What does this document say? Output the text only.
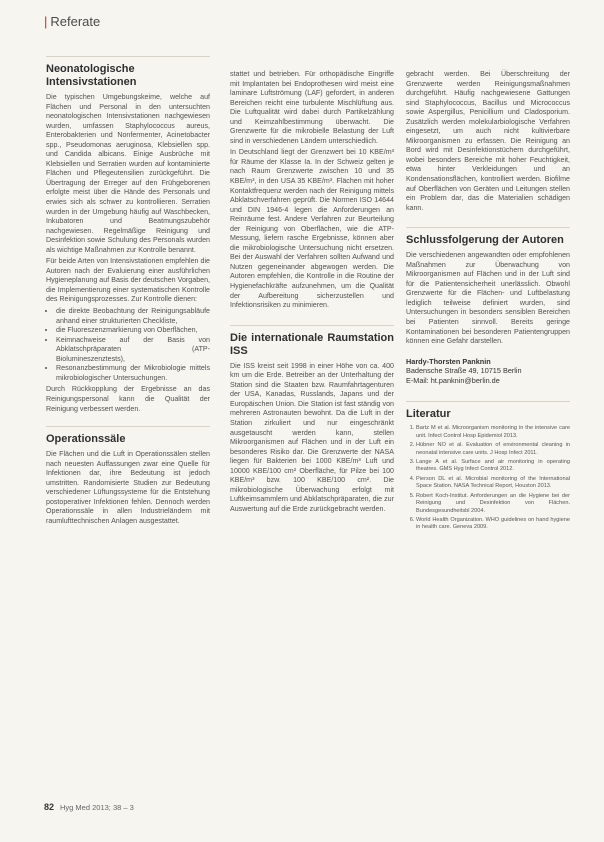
| Referate
Neonatologische Intensivstationen

Die typischen Umgebungskeime, welche auf Flächen und Personal in den untersuchten neonatologischen Intensivstationen nachgewiesen wurden, umfassen Staphylococcus aureus, Enterobakterien und Nonfermenter, Acinetobacter spp., Pseudomonas aeruginosa, Klebsiellen spp. und Candida albicans. Einige Ausbrüche mit Klebsiellen und Serratien wurden auf kontaminierte Flächen und Pflegeutensilien zurückgeführt. Die Übertragung der Erreger auf den Frühgeborenen erfolgte meist über die Hände des Personals und erwies sich als schwer zu kontrollieren. Serratien wurden in der Umgebung häufig auf Waschbecken, Inkubatoren und Beatmungszubehör nachgewiesen. Regelmäßige Reinigung und Desinfektion sowie Schulung des Personals wurden als wichtige Maßnahmen zur Kontrolle benannt.

Für beide Arten von Intensivstationen empfehlen die Autoren nach der Evaluierung einer ausführlichen Hygieneplanung auf Basis der deutschen Vorgaben, die Implementierung einer systematischen Kontrolle des Reinigungsprozesses. Zur Kontrolle dienen:

• die direkte Beobachtung der Reinigungsabläufe anhand einer strukturierten Checkliste,
• die Fluoreszenzmarkierung von Oberflächen,
• Keimnachweise auf der Basis von Abklatschpräparaten (ATP-Biolumineszenztests),
• Resonanzbestimmung der Mikrobiologie mittels mikrobiologischer Untersuchungen.

Durch Rückkopplung der Ergebnisse an das Reinigungspersonal kann die Qualität der Reinigung verbessert werden.

Operationssäle

Die Flächen und die Luft in Operationssälen stellen nach neuesten Auffassungen zwar eine Quelle für Infektionen dar, ihre Bedeutung ist jedoch umstritten. Randomisierte Studien zur Bedeutung verschiedener Lüftungssysteme für die Entstehung postoperativer Infektionen fehlen. Dennoch werden Operationssäle in allen Industrieländern mit raumlufttechnischen Anlagen ausgestattet.

stattet und betrieben. Für orthopädische Eingriffe mit Implantaten bei Endoprothesen wird meist eine laminare Luftströmung (LAF) gefordert, in anderen Bereichen reicht eine turbulente Mischlüftung aus. Die Luftqualität wird dabei durch Partikelzählung und Keimzahlbestimmung überwacht. Die Grenzwerte für die mikrobielle Belastung der Luft sind in verschiedenen Ländern unterschiedlich.

In Deutschland liegt der Grenzwert bei 10 KBE/m³ für Räume der Klasse Ia. In der Schweiz gelten je nach Raum Grenzwerte zwischen 10 und 35 KBE/m³, in den USA 35 KBE/m³. Flächen mit hoher Kontaktfrequenz werden nach der Reinigung mittels Abklatschverfahren geprüft. Die Normen ISO 14644 und DIN 1946-4 legen die Anforderungen an Reinräume fest. Andere Verfahren zur Beurteilung der Reinigung von Oberflächen, wie die ATP-Messung, liefern rasche Ergebnisse, können aber die mikrobiologische Untersuchung nicht ersetzen. Bei der Auswahl der Verfahren sollten Aufwand und Nutzen gegeneinander abgewogen werden. Die Autoren empfehlen, die Kontrolle in die Routine der Hygienefachkräfte aufzunehmen, um die Qualität der Aufbereitung sicherzustellen und Infektionsrisiken zu minimieren.

Die internationale Raumstation ISS

Die ISS kreist seit 1998 in einer Höhe von ca. 400 km um die Erde. Betreiber an der Unterhaltung der Station sind die Staaten bzw. Raumfahrtagenturen der USA, Kanadas, Russlands, Japans und der Europäischen Union. Die Station ist fast ständig von mehreren Astronauten bewohnt. Da die Luft in der Station zirkuliert und nur eingeschränkt ausgetauscht werden kann, stellen Mikroorganismen auf Flächen und in der Luft ein besonderes Risiko dar. Die Grenzwerte der NASA liegen für Bakterien bei 1000 KBE/m³ Luft und 10000 KBE/100 cm² Oberfläche, für Pilze bei 100 KBE/m³ bzw. 100 KBE/100 cm². Die mikrobiologische Überwachung erfolgt mit Luftkeimsammlern und Abklatschpräparaten, die zur Auswertung auf die Erde zurückgebracht werden.

gebracht werden. Bei Überschreitung der Grenzwerte werden Reinigungsmaßnahmen durchgeführt. Häufig nachgewiesene Gattungen sind Staphylococcus, Bacillus und Micrococcus sowie Aspergillus, Penicillium und Cladosporium. Zusätzlich werden molekularbiologische Verfahren eingesetzt, um auch nicht kultivierbare Mikroorganismen zu erfassen. Die Reinigung an Bord wird mit Desinfektionstüchern durchgeführt, wobei besonders Bereiche mit hoher Feuchtigkeit, etwa hinter Verkleidungen und an Kondensationsflächen, kontrolliert werden. Biofilme auf Oberflächen von Geräten und Leitungen stellen ein Problem dar, das die Materialien schädigen kann.

Schlussfolgerung der Autoren

Die verschiedenen angewandten oder empfohlenen Maßnahmen zur Überwachung von Mikroorganismen auf Flächen und in der Luft sind für die Patientensicherheit unerlässlich. Obwohl Grenzwerte für die Flächen- und Luftbelastung lediglich teilweise definiert wurden, sind Untersuchungen in besonders sensiblen Bereichen bei Patienten sinnvoll. Bereits geringe Kontaminationen bei besonderen Patientengruppen können eine Gefahr darstellen.

Hardy-Thorsten Panknin
Badensche Straße 49, 10715 Berlin
E-Mail: ht.panknin@berlin.de
Literatur
1. Bartz M et al. Microorganism monitoring in the intensive care unit. Infect Control Hosp Epidemiol 2013.
2. Hübner NO et al. Evaluation of environmental cleaning in neonatal intensive care units. J Hosp Infect 2011.
3. Lange A et al. Surface and air monitoring in operating theatres. GMS Hyg Infect Control 2012.
4. Pierson DL et al. Microbial monitoring of the International Space Station. NASA Technical Report, Houston 2013.
5. Robert Koch-Institut. Anforderungen an die Hygiene bei der Reinigung und Desinfektion von Flächen. Bundesgesundheitsbl 2004.
6. World Health Organization. WHO guidelines on hand hygiene in health care. Geneva 2009.
82 Hyg Med 2013; 38 – 3
